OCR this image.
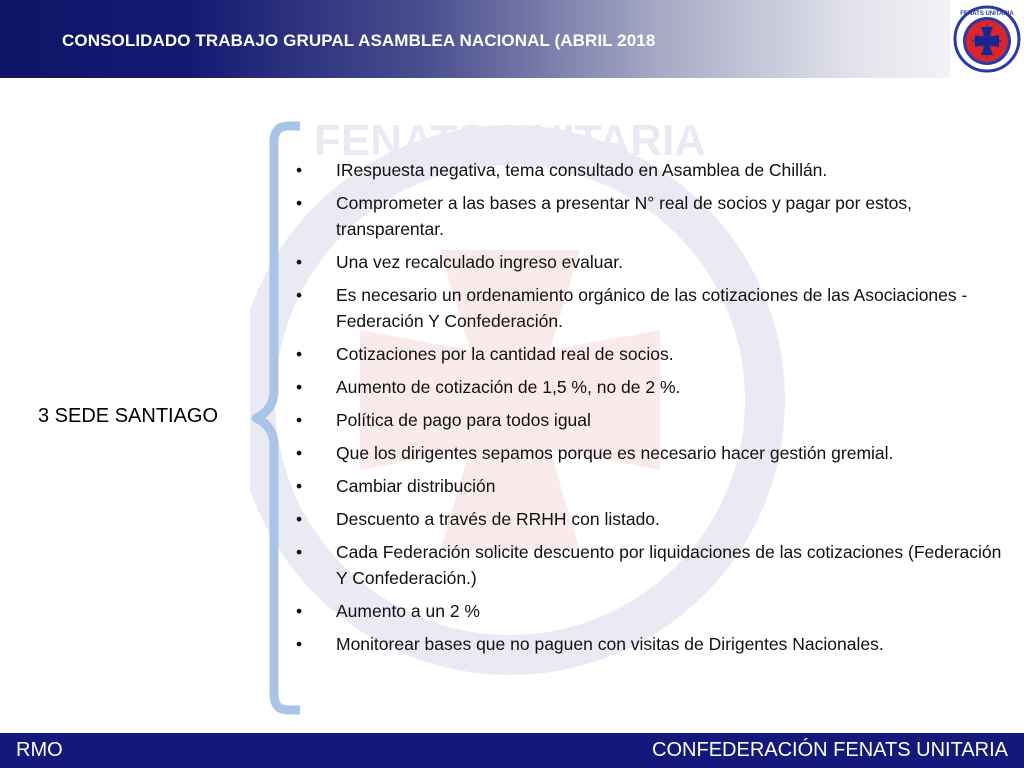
CONSOLIDADO TRABAJO GRUPAL ASAMBLEA NACIONAL (ABRIL 2018
FENATS UNITARIA
FENATS UNITARIA
3 SEDE SANTIAGO
•	IRespuesta negativa, tema consultado en Asamblea de Chillán.
•	Comprometer a las bases a presentar N° real de socios y pagar por estos, transparentar.
•	Una vez recalculado ingreso evaluar.
•	Es necesario un ordenamiento orgánico de las cotizaciones de las Asociaciones - Federación Y Confederación.
•	Cotizaciones por la cantidad real de socios.
•	Aumento de cotización de 1,5 %, no de 2 %.
•	Política de pago para todos igual
•	Que los dirigentes sepamos porque es necesario hacer gestión gremial.
•	Cambiar distribución
•	Descuento a través de RRHH con listado.
•	Cada Federación solicite descuento por liquidaciones de las cotizaciones (Federación Y Confederación.)
•	Aumento a un 2 %
•	Monitorear bases que no paguen con visitas de Dirigentes Nacionales.
RMO	CONFEDERACIÓN FENATS UNITARIA
